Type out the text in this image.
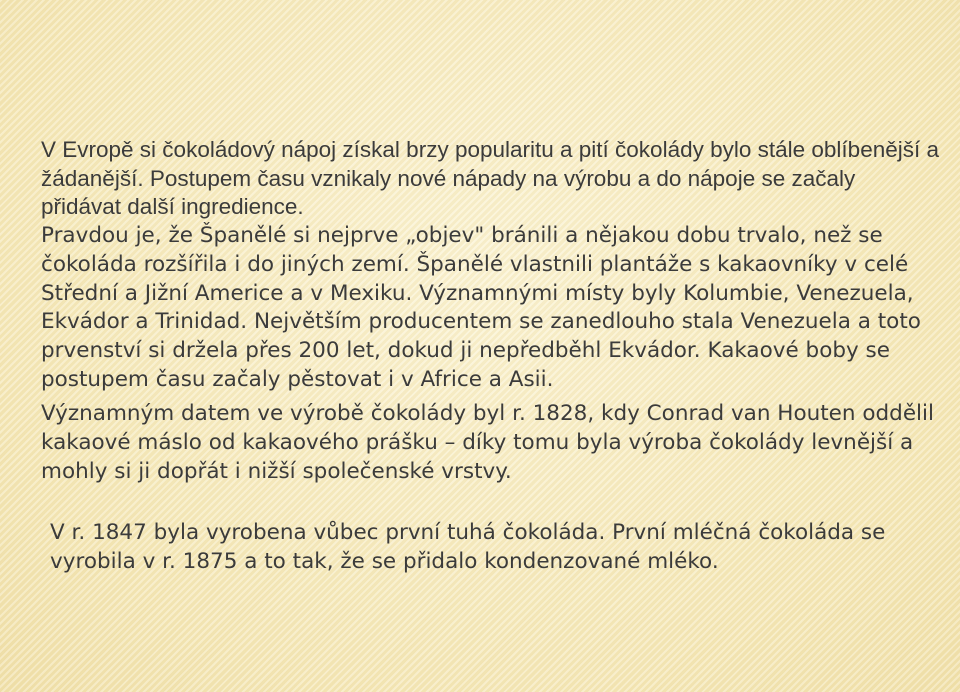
V Evropě si čokoládový nápoj získal brzy popularitu a pití čokolády bylo stále oblíbenější a žádanější. Postupem času vznikaly nové nápady na výrobu a do nápoje se začaly přidávat další ingredience.

Pravdou je, že Španělé si nejprve „objev" bránili a nějakou dobu trvalo, než se čokoláda rozšířila i do jiných zemí. Španělé vlastnili plantáže s kakaovníky v celé Střední a Jižní Americe a v Mexiku. Významnými místy byly Kolumbie, Venezuela, Ekvádor a Trinidad. Největším producentem se zanedlouho stala Venezuela a toto prvenství si držela přes 200 let, dokud ji nepředběhl Ekvádor. Kakaové boby se postupem času začaly pěstovat i v Africe a Asii.

Významným datem ve výrobě čokolády byl r. 1828, kdy Conrad van Houten oddělil kakaové máslo od kakaového prášku – díky tomu byla výroba čokolády levnější a mohly si ji dopřát i nižší společenské vrstvy.

V r. 1847 byla vyrobena vůbec první tuhá čokoláda. První mléčná čokoláda se vyrobila v r. 1875 a to tak, že se přidalo kondenzované mléko.
